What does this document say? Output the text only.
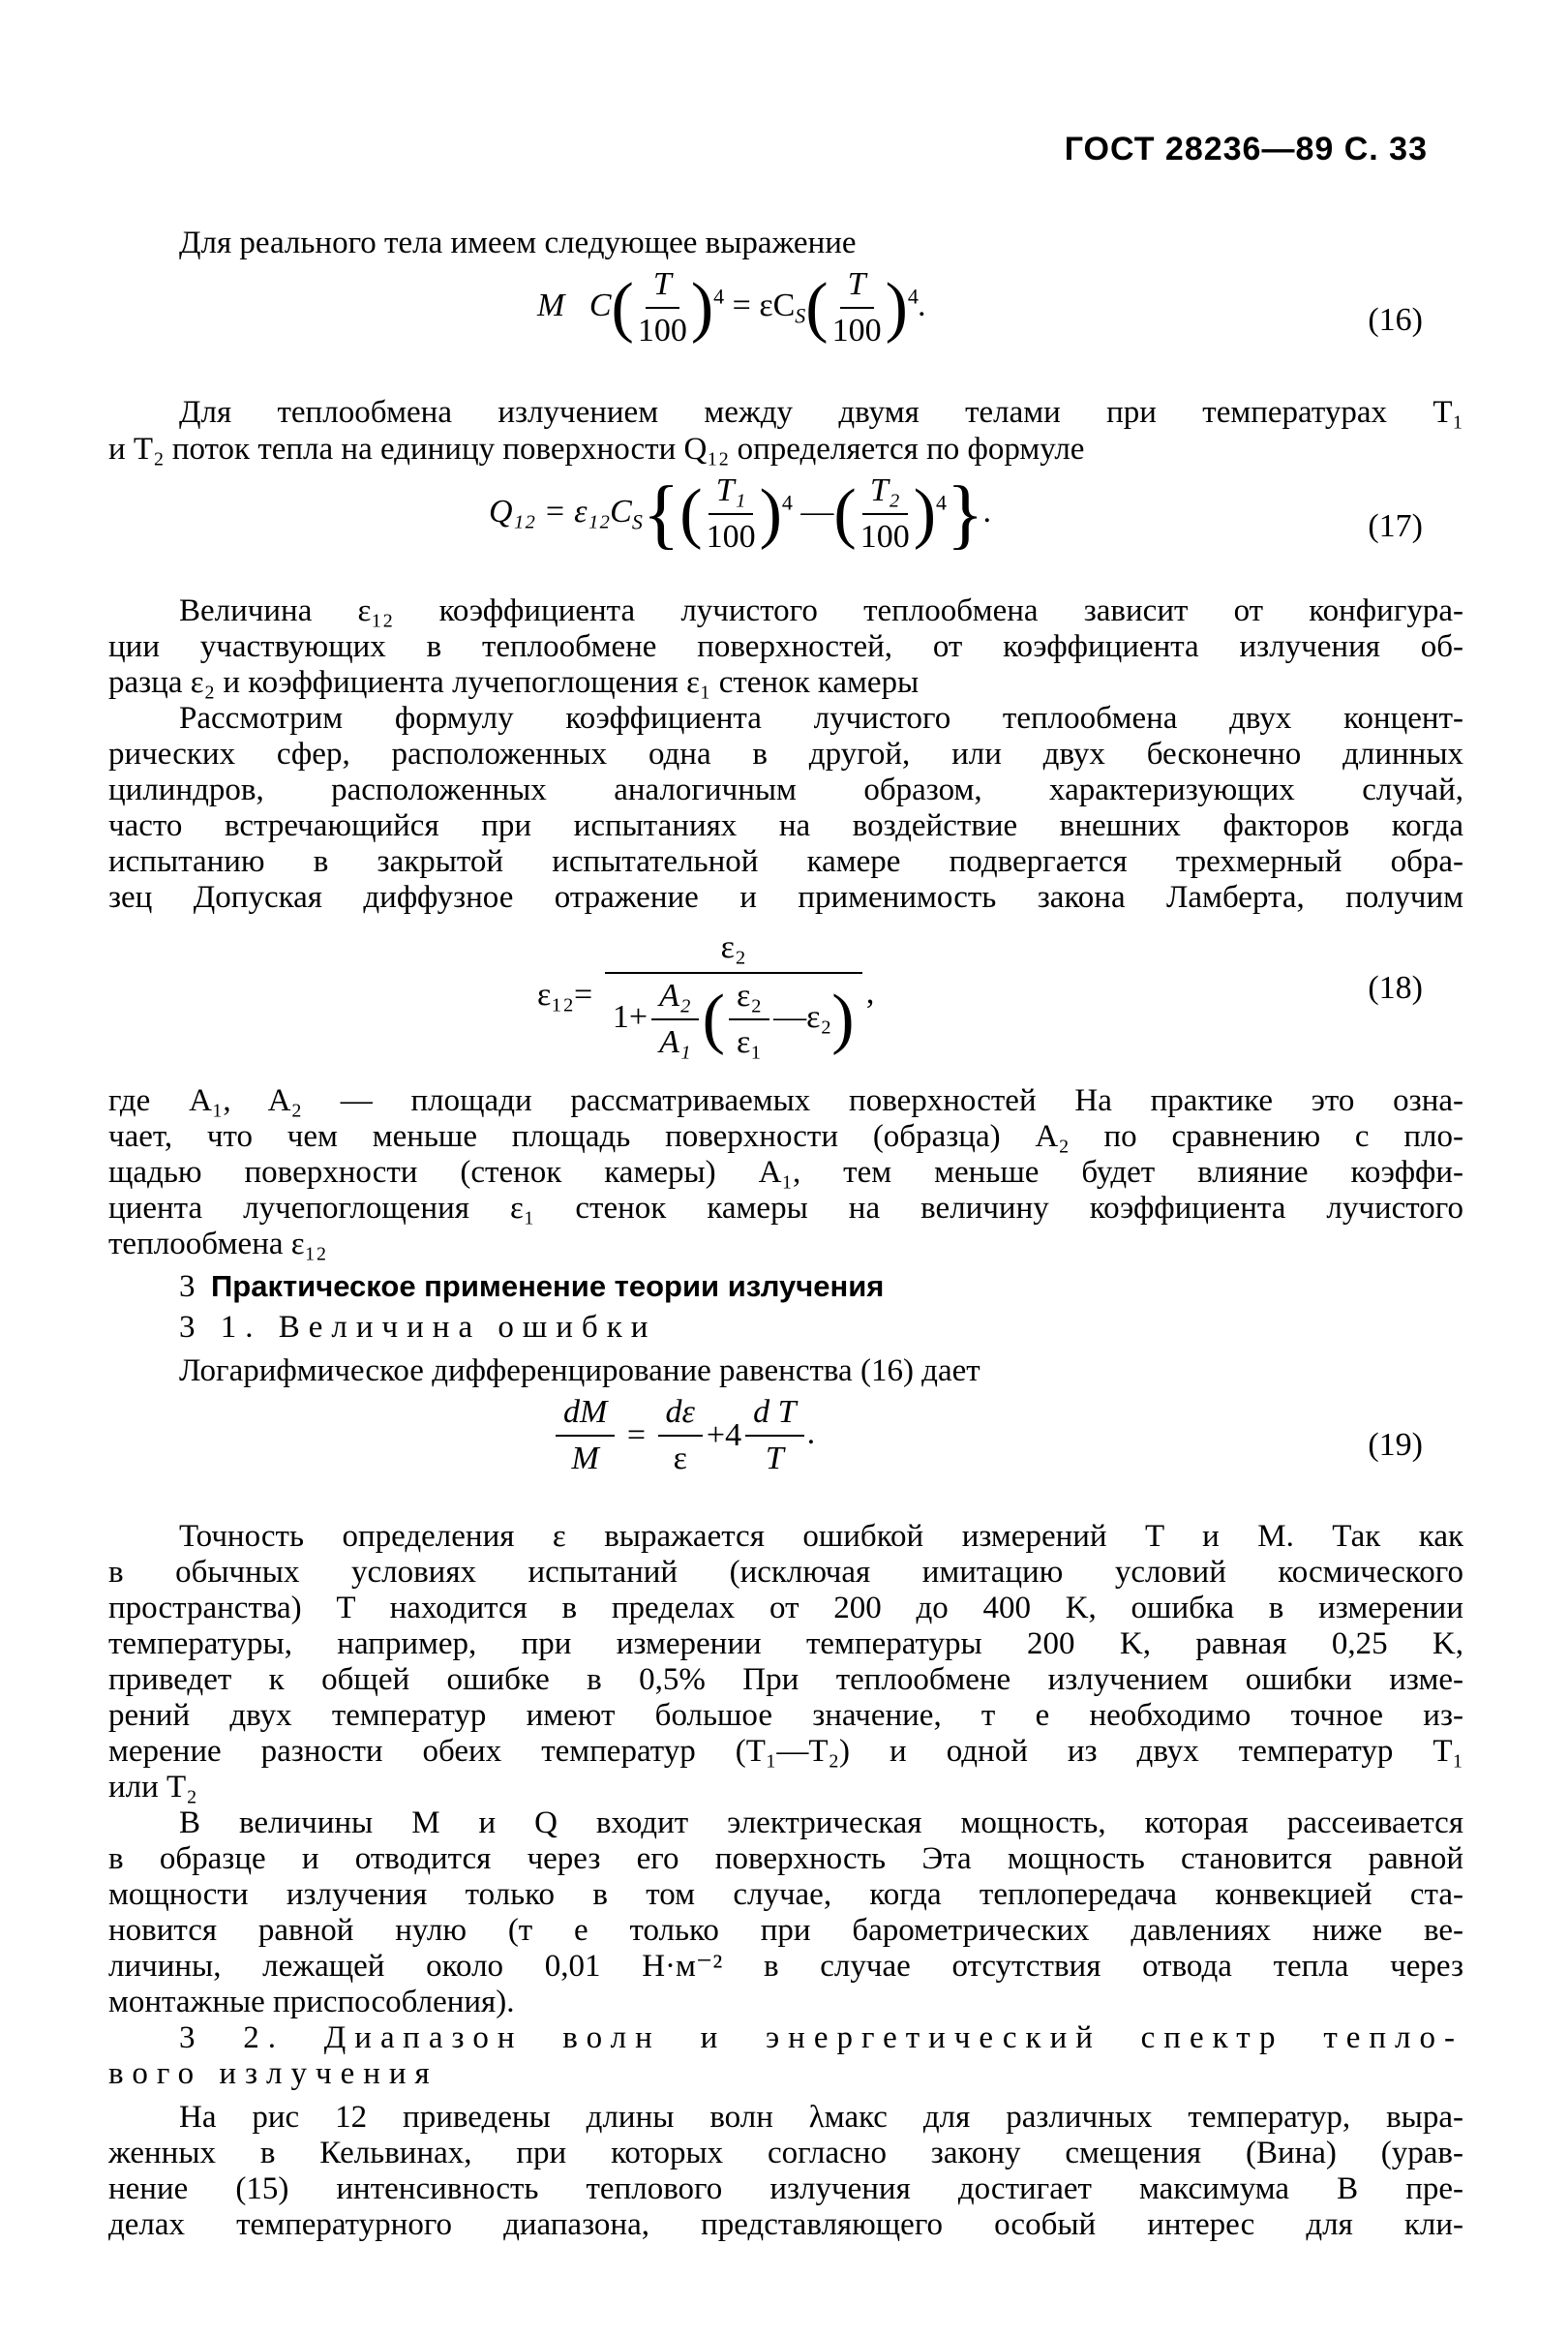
ГОСТ 28236—89 С. 33
Для реального тела имеем следующее выражение
M $C( \frac{T}{100} )^4 = \varepsilon C_S( \frac{T}{100} )^4$.	(16)
Для теплообмена излучением между двумя телами при температурах T₁
и T₂ поток тепла на единицу поверхности Q₁₂ определяется по формуле
$Q_{12} = \varepsilon_{12}C_S\{( \frac{\text{T₁}}{100} )^4$ —( $\frac{\text{T₂}}{100} )^4$}.	(17)
Величина ε₁₂ коэффициента лучистого теплообмена зависит от конфигура-
ции участвующих в теплообмене поверхностей, от коэффициента излучения об-
разца ε₂ и коэффициента лучепоглощения ε₁ стенок камеры
Рассмотрим формулу коэффициента лучистого теплообмена двух концент-
рических сфер, расположенных одна в другой, или двух бесконечно длинных
цилиндров, расположенных аналогичным образом, характеризующих случай,
часто встречающийся при испытаниях на воздействие внешних факторов когда
испытанию в закрытой испытательной камере подвергается трехмерный обра-
зец Допуская диффузное отражение и применимость закона Ламберта, получим
$\varepsilon_{12}= \frac{\text{ε₂}}{1+ \frac{\text{A₂}}{\text{A₁}} ( \frac{\text{ε₂}}{\text{ε₁}} —\varepsilon_2)}$ ,	(18)
где A₁, A₂ — площади рассматриваемых поверхностей На практике это озна-
чает, что чем меньше площадь поверхности (образца) A₂ по сравнению с пло-
щадью поверхности (стенок камеры) A₁, тем меньше будет влияние коэффи-
циента лучепоглощения ε₁ стенок камеры на величину коэффициента лучистого
теплообмена ε₁₂
3 Практическое применение теории излучения
3 1. Величина ошибки
Логарифмическое дифференцирование равенства (16) дает
$\frac{dM}{M} = \frac{d\varepsilon}{\varepsilon} +4 \frac{\text{d T}}{T}$ .	(19)
Точность определения ε выражается ошибкой измерений T и M. Так как
в обычных условиях испытаний (исключая имитацию условий космического
пространства) T находится в пределах от 200 до 400 K, ошибка в измерении
температуры, например, при измерении температуры 200 K, равная 0,25 K,
приведет к общей ошибке в 0,5% При теплообмене излучением ошибки изме-
рений двух температур имеют большое значение, т е необходимо точное из-
мерение разности обеих температур (T₁—T₂) и одной из двух температур T₁
или T₂
В величины M и Q входит электрическая мощность, которая рассеивается
в образце и отводится через его поверхность Эта мощность становится равной
мощности излучения только в том случае, когда теплопередача конвекцией ста-
новится равной нулю (т е только при барометрических давлениях ниже ве-
личины, лежащей около 0,01 Н·м⁻² в случае отсутствия отвода тепла через
монтажные приспособления).
3 2. Диапазон волн и энергетический спектр тепло-
вого излучения
На рис 12 приведены длины волн λмакс для различных температур, выра-
женных в Кельвинах, при которых согласно закону смещения (Вина) (урав-
нение (15) интенсивность теплового излучения достигает максимума В пре-
делах температурного диапазона, представляющего особый интерес для кли-
